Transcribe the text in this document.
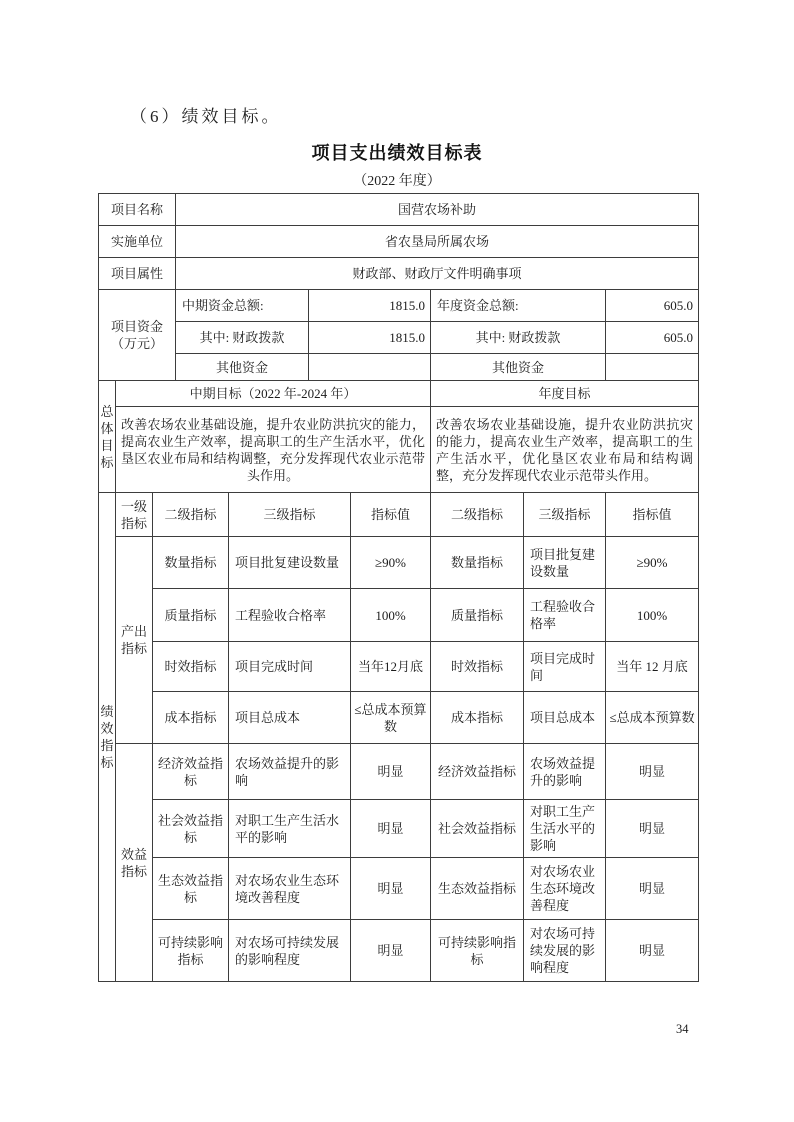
（6）绩效目标。
项目支出绩效目标表
（2022 年度）
项目名称			国营农场补助						
实施单位			省农垦局所属农场						
项目属性			财政部、财政厅文件明确事项						
项目资金（万元）			中期资金总额:		1815.0		年度资金总额:		605.0
			其中: 财政拨款		1815.0		其中: 财政拨款		605.0
			其他资金				其他资金		
总体目标	中期目标（2022 年-2024 年）						年度目标		
	改善农场农业基础设施，提升农业防洪抗灾的能力，提高农业生产效率，提高职工的生产生活水平，优化垦区农业布局和结构调整，充分发挥现代农业示范带头作用。						改善农场农业基础设施，提升农业防洪抗灾的能力，提高农业生产效率，提高职工的生产生活水平，优化垦区农业布局和结构调整，充分发挥现代农业示范带头作用。		
绩效指标	一级指标	二级指标		三级指标		指标值	二级指标	三级指标	指标值
	产出指标	数量指标		项目批复建设数量		≥90%	数量指标	项目批复建设数量	≥90%
		质量指标		工程验收合格率		100%	质量指标	工程验收合格率	100%
		时效指标		项目完成时间		当年12月底	时效指标	项目完成时间	当年 12 月底
		成本指标		项目总成本		≤总成本预算数	成本指标	项目总成本	≤总成本预算数
	效益指标	经济效益指标		农场效益提升的影响		明显	经济效益指标	农场效益提升的影响	明显
		社会效益指标		对职工生产生活水平的影响		明显	社会效益指标	对职工生产生活水平的影响	明显
		生态效益指标		对农场农业生态环境改善程度		明显	生态效益指标	对农场农业生态环境改善程度	明显
		可持续影响指标		对农场可持续发展的影响程度		明显	可持续影响指标	对农场可持续发展的影响程度	明显
34
